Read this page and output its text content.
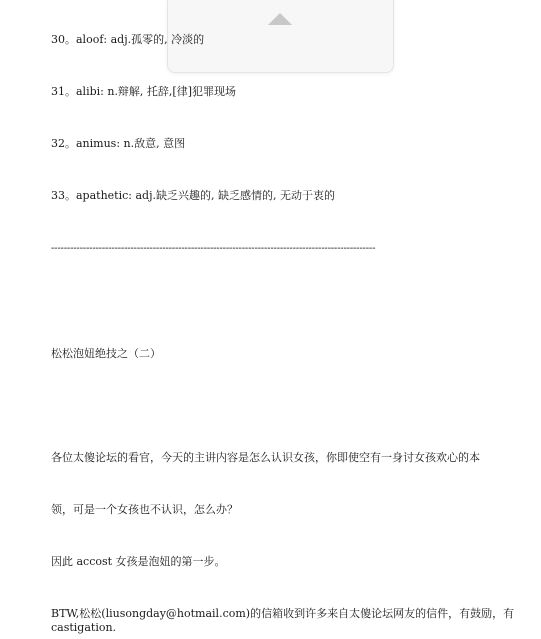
30。aloof: adj.孤零的, 冷淡的
31。alibi: n.辩解, 托辞,[律]犯罪现场
32。animus: n.敌意, 意图
33。apathetic: adj.缺乏兴趣的, 缺乏感情的, 无动于衷的
------------------------------------------------------------------------------------------------------
松松泡妞绝技之（二）
各位太傻论坛的看官，今天的主讲内容是怎么认识女孩，你即使空有一身讨女孩欢心的本
领，可是一个女孩也不认识，怎么办？
因此 accost 女孩是泡妞的第一步。
BTW,松松(liusongday@hotmail.com)的信箱收到许多来自太傻论坛网友的信件，有鼓励，有 castigation.
